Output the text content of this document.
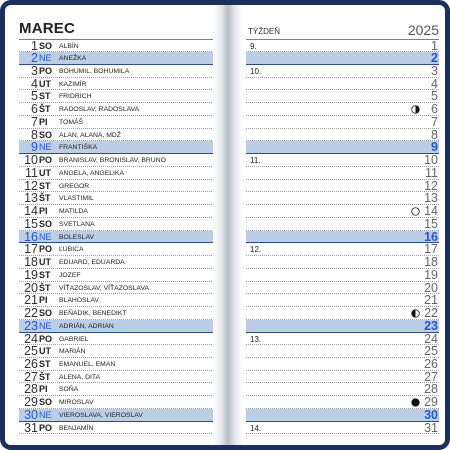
MAREC
1 SO ALBÍN
2 NE ANEŽKA
3 PO BOHUMIL, BOHUMILA
4 UT KAZIMÍR
5 ST FRIDRICH
6 ŠT RADOSLAV, RADOSLAVA
7 PI TOMÁŠ
8 SO ALAN, ALANA, MDŽ
9 NE FRANTIŠKA
10 PO BRANISLAV, BRONISLAV, BRUNO
11 UT ANGELA, ANGELIKA
12 ST GREGOR
13 ŠT VLASTIMIL
14 PI MATILDA
15 SO SVETLANA
16 NE BOLESLAV
17 PO ĽUBICA
18 UT EDUARD, EDUARDA
19 ST JOZEF
20 ŠT VÍŤAZOSLAV, VÍŤAZOSLAVA
21 PI BLAHOSLAV
22 SO BEŇADIK, BENEDIKT
23 NE ADRIÁN, ADRIAN
24 PO GABRIEL
25 UT MARIÁN
26 ST EMANUEL, EMAN
27 ŠT ALENA, DITA
28 PI SOŇA
29 SO MIROSLAV
30 NE VIEROSLAVA, VIEROSLAV
31 PO BENJAMÍN
TÝŽDEŇ	2025
9.	1
2
10.	3
4
5
6
7
8
9
11.	10
11
12
13
14
15
16
12.	17
18
19
20
21
22
23
13.	24
25
26
27
28
29
30
14.	31
